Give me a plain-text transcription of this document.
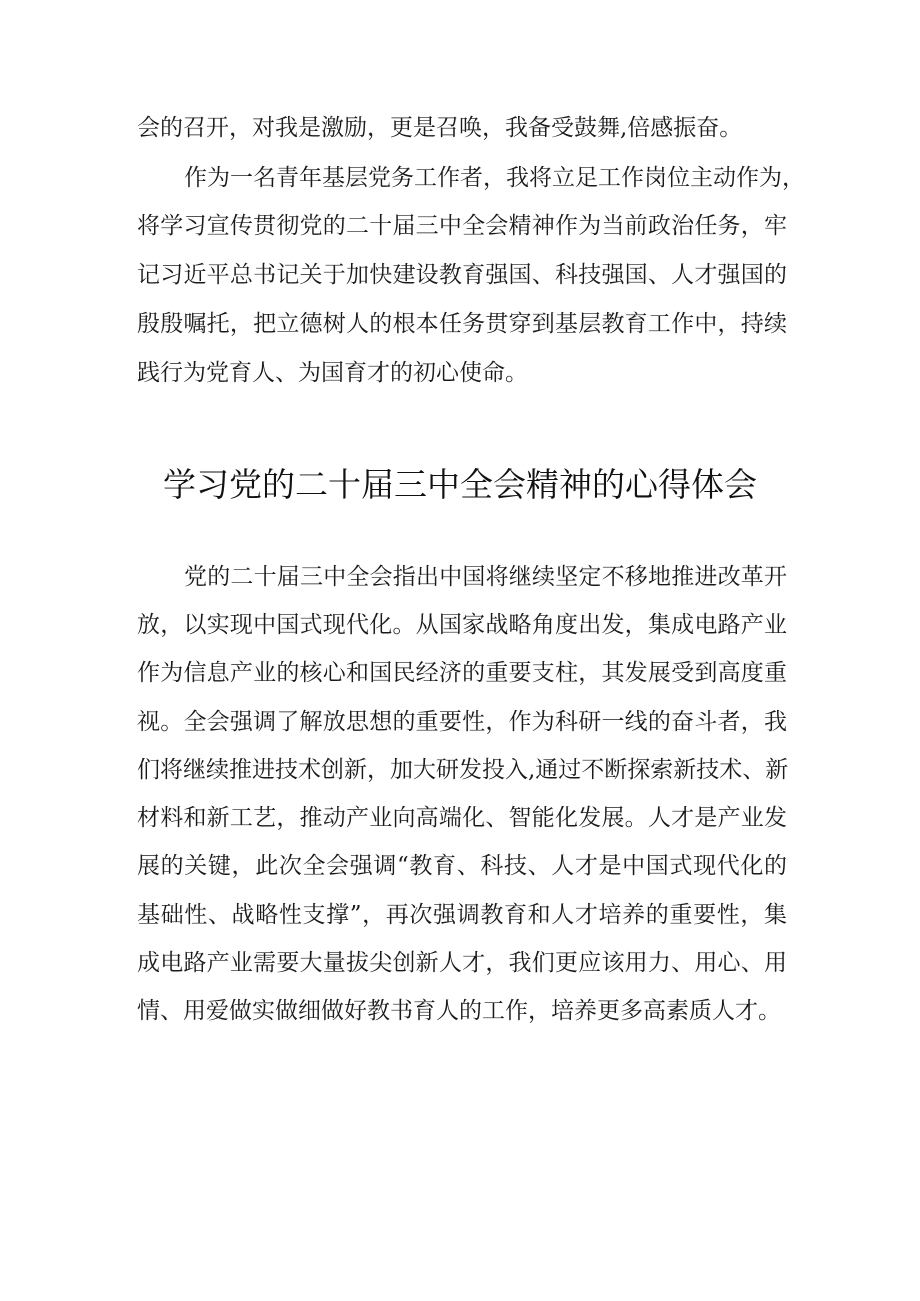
会的召开，对我是激励，更是召唤，我备受鼓舞,倍感振奋。
作为一名青年基层党务工作者，我将立足工作岗位主动作为，
将学习宣传贯彻党的二十届三中全会精神作为当前政治任务，牢
记习近平总书记关于加快建设教育强国、科技强国、人才强国的
殷殷嘱托，把立德树人的根本任务贯穿到基层教育工作中，持续
践行为党育人、为国育才的初心使命。
学习党的二十届三中全会精神的心得体会
党的二十届三中全会指出中国将继续坚定不移地推进改革开
放，以实现中国式现代化。从国家战略角度出发，集成电路产业
作为信息产业的核心和国民经济的重要支柱，其发展受到高度重
视。全会强调了解放思想的重要性，作为科研一线的奋斗者，我
们将继续推进技术创新，加大研发投入,通过不断探索新技术、新
材料和新工艺，推动产业向高端化、智能化发展。人才是产业发
展的关键，此次全会强调“教育、科技、人才是中国式现代化的
基础性、战略性支撑”，再次强调教育和人才培养的重要性，集
成电路产业需要大量拔尖创新人才，我们更应该用力、用心、用
情、用爱做实做细做好教书育人的工作，培养更多高素质人才。
